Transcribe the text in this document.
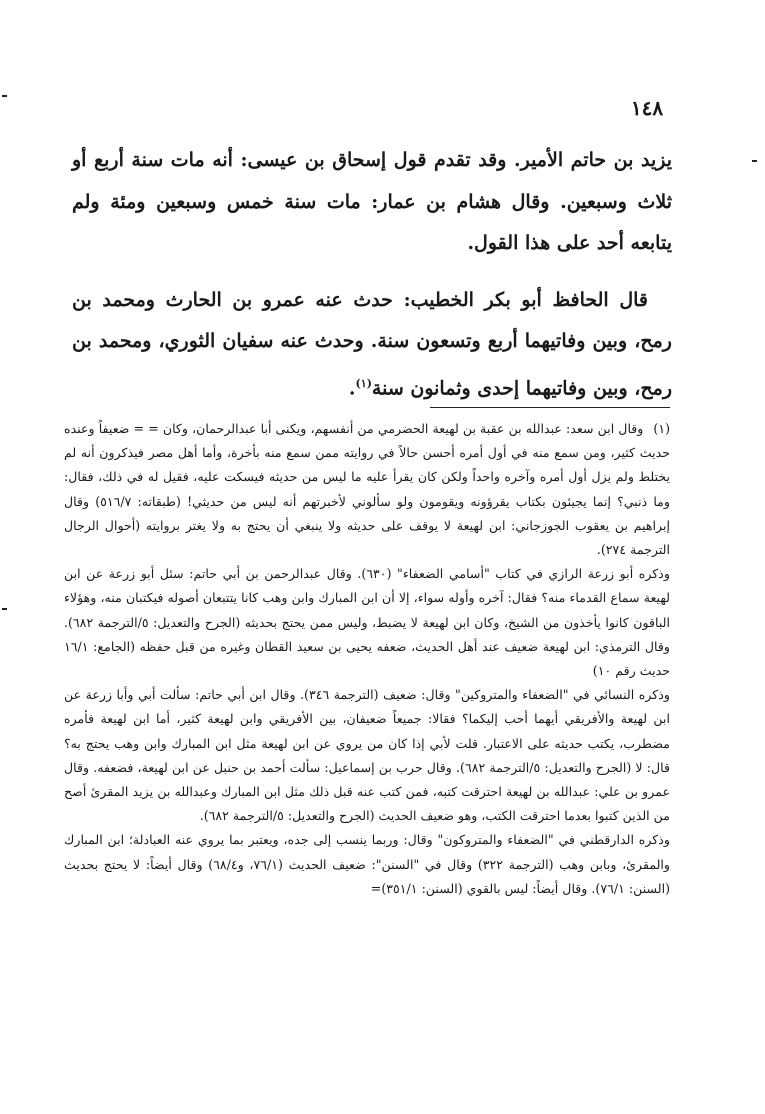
١٤٨

يزيد بن حاتم الأمير. وقد تقدم قول إسحاق بن عيسى: أنه مات سنة أربع أو ثلاث وسبعين. وقال هشام بن عمار: مات سنة خمس وسبعين ومئة ولم يتابعه أحد على هذا القول.

قال الحافظ أبو بكر الخطيب: حدث عنه عمرو بن الحارث ومحمد بن رمح، وبين وفاتيهما أربع وتسعون سنة. وحدث عنه سفيان الثوري، ومحمد بن رمح، وبين وفاتيهما إحدى وثمانون سنة$^{(١)}$.

(١)وقال ابن سعد: عبدالله بن عقبة بن لهيعة الحضرمي من أنفسهم، ويكنى أبا عبدالرحمان، وكان = = ضعيفاً وعنده حديث كثير، ومن سمع منه في أول أمره أحسن حالاً في روايته ممن سمع منه بأخرة، وأما أهل مصر فيذكرون أنه لم يختلط ولم يزل أول أمره وآخره واحداً ولكن كان يقرأ عليه ما ليس من حديثه فيسكت عليه، فقيل له في ذلك، فقال: وما ذنبي؟ إنما يجيئون بكتاب يقرؤونه ويقومون ولو سألوني لأخبرتهم أنه ليس من حديثي! (طبقاته: ٥١٦/٧) وقال إبراهيم بن يعقوب الجوزجاني: ابن لهيعة لا يوقف على حديثه ولا ينبغي أن يحتج به ولا يغتر بروايته (أحوال الرجال الترجمة ٢٧٤).

وذكره أبو زرعة الرازي في كتاب "أسامي الضعفاء" (٦٣٠). وقال عبدالرحمن بن أبي حاتم: سئل أبو زرعة عن ابن لهيعة سماع القدماء منه؟ فقال: آخره وأوله سواء، إلا أن ابن المبارك وابن وهب كانا يتتبعان أصوله فيكتبان منه، وهؤلاء الباقون كانوا يأخذون من الشيخ، وكان ابن لهيعة لا يضبط، وليس ممن يحتج بحديثه (الجرح والتعديل: ٥/الترجمة ٦٨٢). وقال الترمذي: ابن لهيعة ضعيف عند أهل الحديث، ضعفه يحيى بن سعيد القطان وغيره من قبل حفظه (الجامع: ١٦/١ حديث رقم ١٠)

وذكره النسائي في "الضعفاء والمتروكين" وقال: ضعيف (الترجمة ٣٤٦). وقال ابن أبي حاتم: سألت أبي وأبا زرعة عن ابن لهيعة والأفريقي أيهما أحب إليكما؟ فقالا: جميعاً ضعيفان، بين الأفريقي وابن لهيعة كثير، أما ابن لهيعة فأمره مضطرب، يكتب حديثه على الاعتبار. قلت لأبي إذا كان من يروي عن ابن لهيعة مثل ابن المبارك وابن وهب يحتج به؟ قال: لا (الجرح والتعديل: ٥/الترجمة ٦٨٢). وقال حرب بن إسماعيل: سألت أحمد بن حنبل عن ابن لهيعة، فضعفه. وقال عمرو بن علي: عبدالله بن لهيعة احترقت كتبه، فمن كتب عنه قبل ذلك مثل ابن المبارك وعبدالله بن يزيد المقرئ أصح من الذين كتبوا بعدما احترقت الكتب، وهو ضعيف الحديث (الجرح والتعديل: ٥/الترجمة ٦٨٢).

وذكره الدارقطني في "الضعفاء والمتروكون" وقال: وربما ينسب إلى جده، ويعتبر بما يروي عنه العبادلة؛ ابن المبارك والمقرئ، وبابن وهب (الترجمة ٣٢٢) وقال في "السنن": ضعيف الحديث (٧٦/١، و٦٨/٤) وقال أيضاً: لا يحتج بحديث (السنن: ٧٦/١). وقال أيضاً: ليس بالقوي (السنن: ٣٥١/١)=
